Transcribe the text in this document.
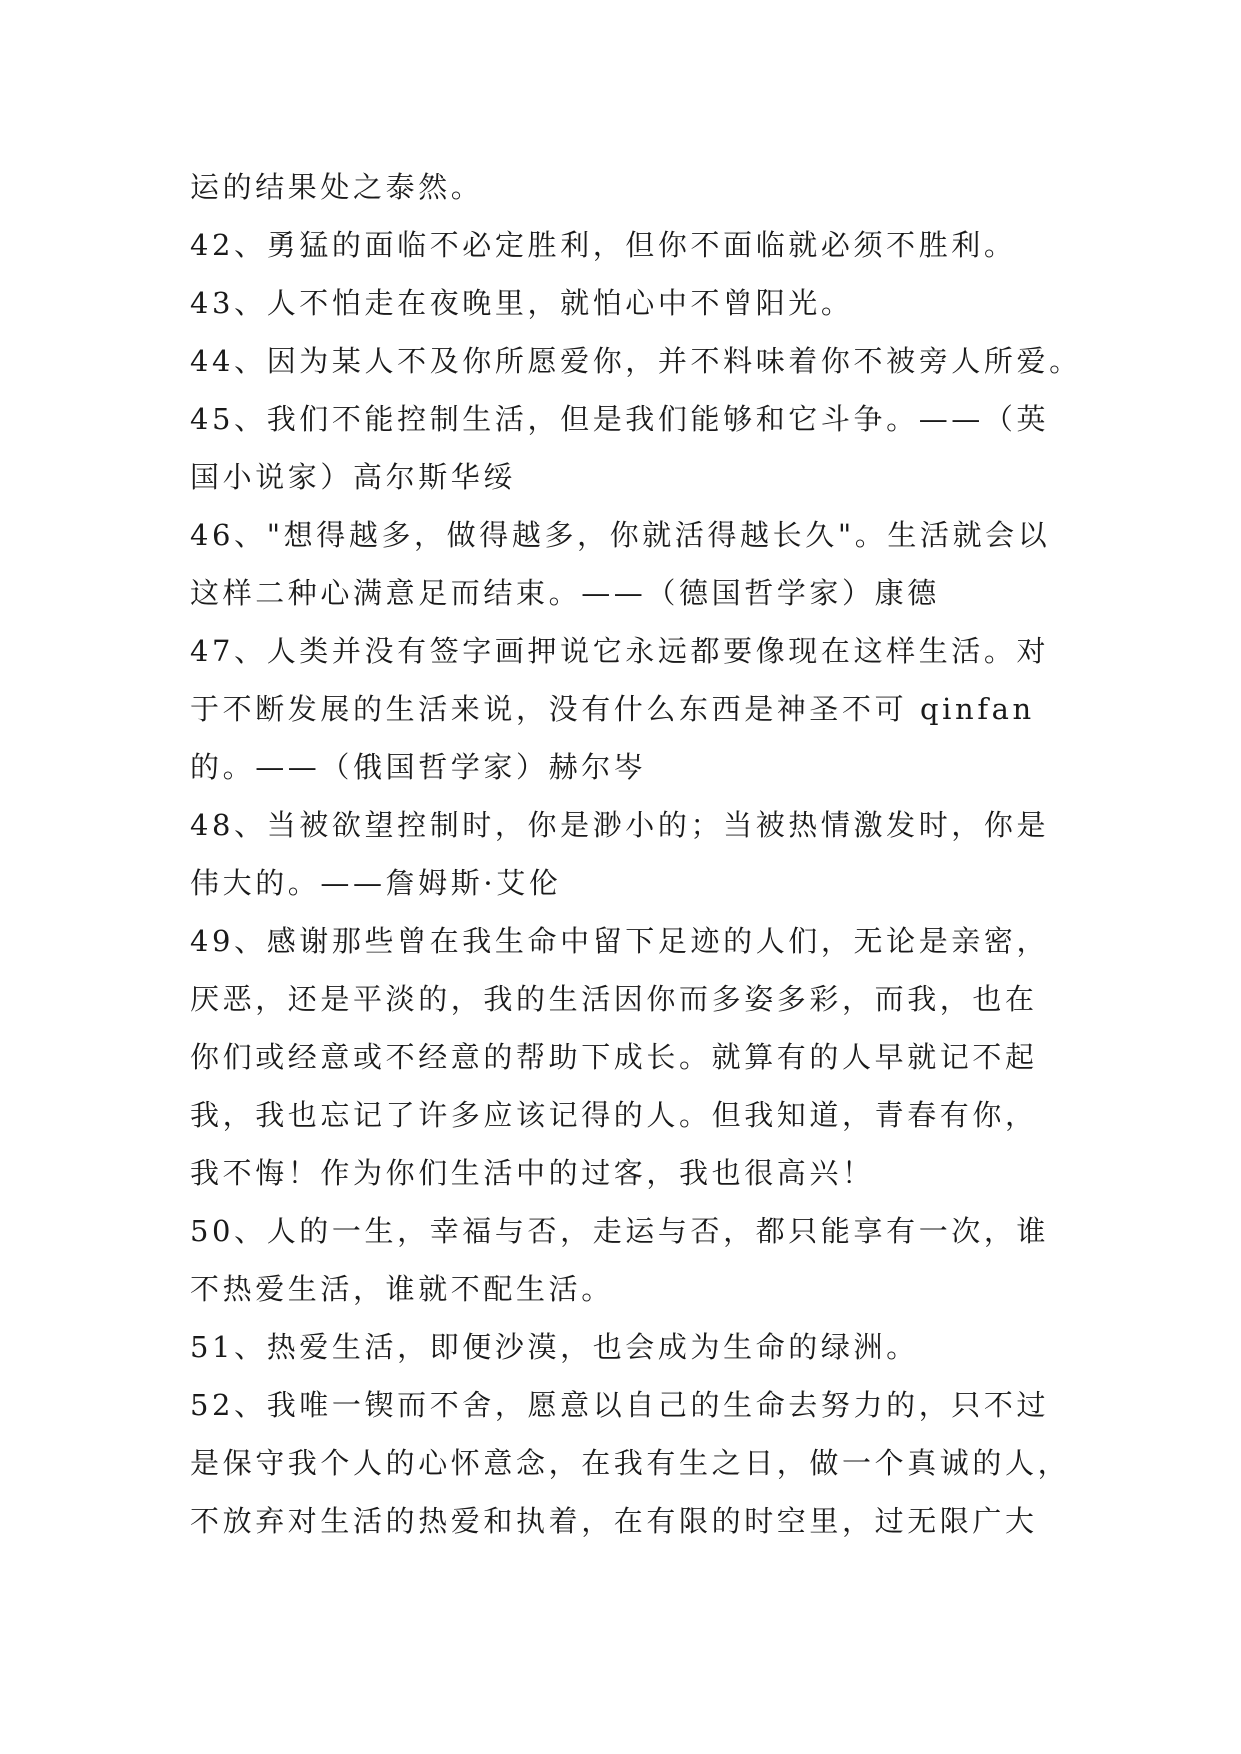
运的结果处之泰然。
42、勇猛的面临不必定胜利，但你不面临就必须不胜利。
43、人不怕走在夜晚里，就怕心中不曾阳光。
44、因为某人不及你所愿爱你，并不料味着你不被旁人所爱。
45、我们不能控制生活，但是我们能够和它斗争。——（英
国小说家）高尔斯华绥
46、"想得越多，做得越多，你就活得越长久"。生活就会以
这样二种心满意足而结束。——（德国哲学家）康德
47、人类并没有签字画押说它永远都要像现在这样生活。对
于不断发展的生活来说，没有什么东西是神圣不可 qinfan
的。——（俄国哲学家）赫尔岑
48、当被欲望控制时，你是渺小的；当被热情激发时，你是
伟大的。——詹姆斯·艾伦
49、感谢那些曾在我生命中留下足迹的人们，无论是亲密，
厌恶，还是平淡的，我的生活因你而多姿多彩，而我，也在
你们或经意或不经意的帮助下成长。就算有的人早就记不起
我，我也忘记了许多应该记得的人。但我知道，青春有你，
我不悔！作为你们生活中的过客，我也很高兴！
50、人的一生，幸福与否，走运与否，都只能享有一次，谁
不热爱生活，谁就不配生活。
51、热爱生活，即便沙漠，也会成为生命的绿洲。
52、我唯一锲而不舍，愿意以自己的生命去努力的，只不过
是保守我个人的心怀意念，在我有生之日，做一个真诚的人，
不放弃对生活的热爱和执着，在有限的时空里，过无限广大
